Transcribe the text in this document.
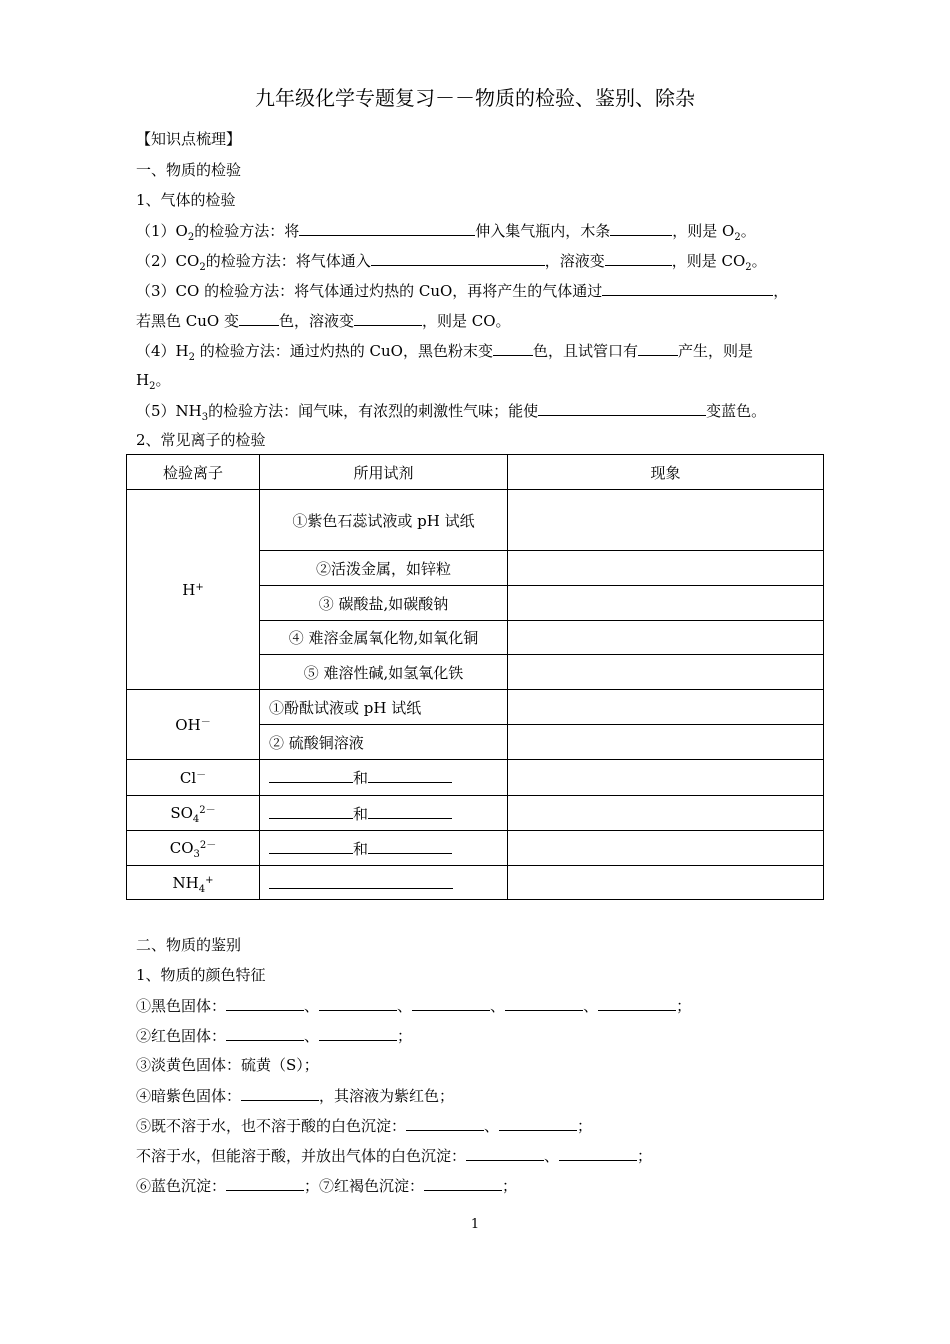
九年级化学专题复习－－物质的检验、鉴别、除杂
【知识点梳理】
一、物质的检验
1、气体的检验
$(1)O_2$的检验方法：将	伸入集气瓶内，木条	，则是 $O_2$。
$(2)CO_2$的检验方法：将气体通入	，溶液变	，则是 $CO_2$。
（3）CO 的检验方法：将气体通过灼热的 CuO，再将产生的气体通过	，
若黑色 CuO 变	色，溶液变	，则是 CO。
$(4)H_2$ 的检验方法：通过灼热的 CuO，黑色粉末变	色，且试管口有	产生，则是
$H_2$。
$(5)NH_3$的检验方法：闻气味，有浓烈的刺激性气味；能使	变蓝色。
2、常见离子的检验
检验离子	所用试剂	现象
H+	①紫色石蕊试液或 pH 试纸	
	②活泼金属，如锌粒	
	③ 碳酸盐,如碳酸钠	
	④ 难溶金属氧化物,如氧化铜	
	⑤ 难溶性碱,如氢氧化铁	
OH－	①酚酞试液或 pH 试纸	
	② 硫酸铜溶液	
Cl－	和	
$SO_4^{2-}$	和	
$CO_3^{2-}$	和	
$NH_4^+$		
二、物质的鉴别
1、物质的颜色特征
①黑色固体：	、	、	、	、	；
②红色固体：	、	；
③淡黄色固体：硫黄（S）；
④暗紫色固体：	，其溶液为紫红色；
⑤既不溶于水，也不溶于酸的白色沉淀：	、	；
不溶于水，但能溶于酸，并放出气体的白色沉淀：	、	；
⑥蓝色沉淀：	；⑦红褐色沉淀：	；
1
